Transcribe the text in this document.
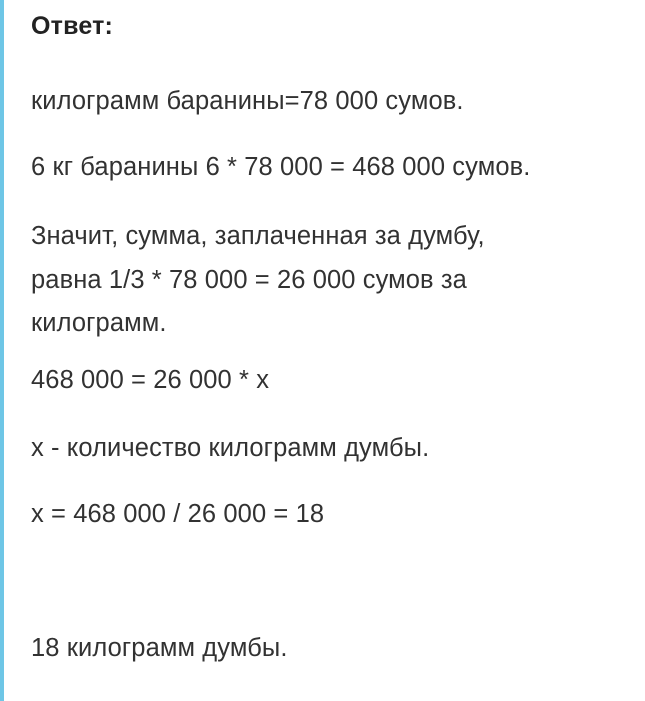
Ответ:
килограмм баранины=78 000 сумов.
6 кг баранины 6 * 78 000 = 468 000 сумов.
Значит, сумма, заплаченная за думбу,
равна 1/3 * 78 000 = 26 000 сумов за
килограмм.
468 000 = 26 000 * x
x - количество килограмм думбы.
x = 468 000 / 26 000 = 18
18 килограмм думбы.
